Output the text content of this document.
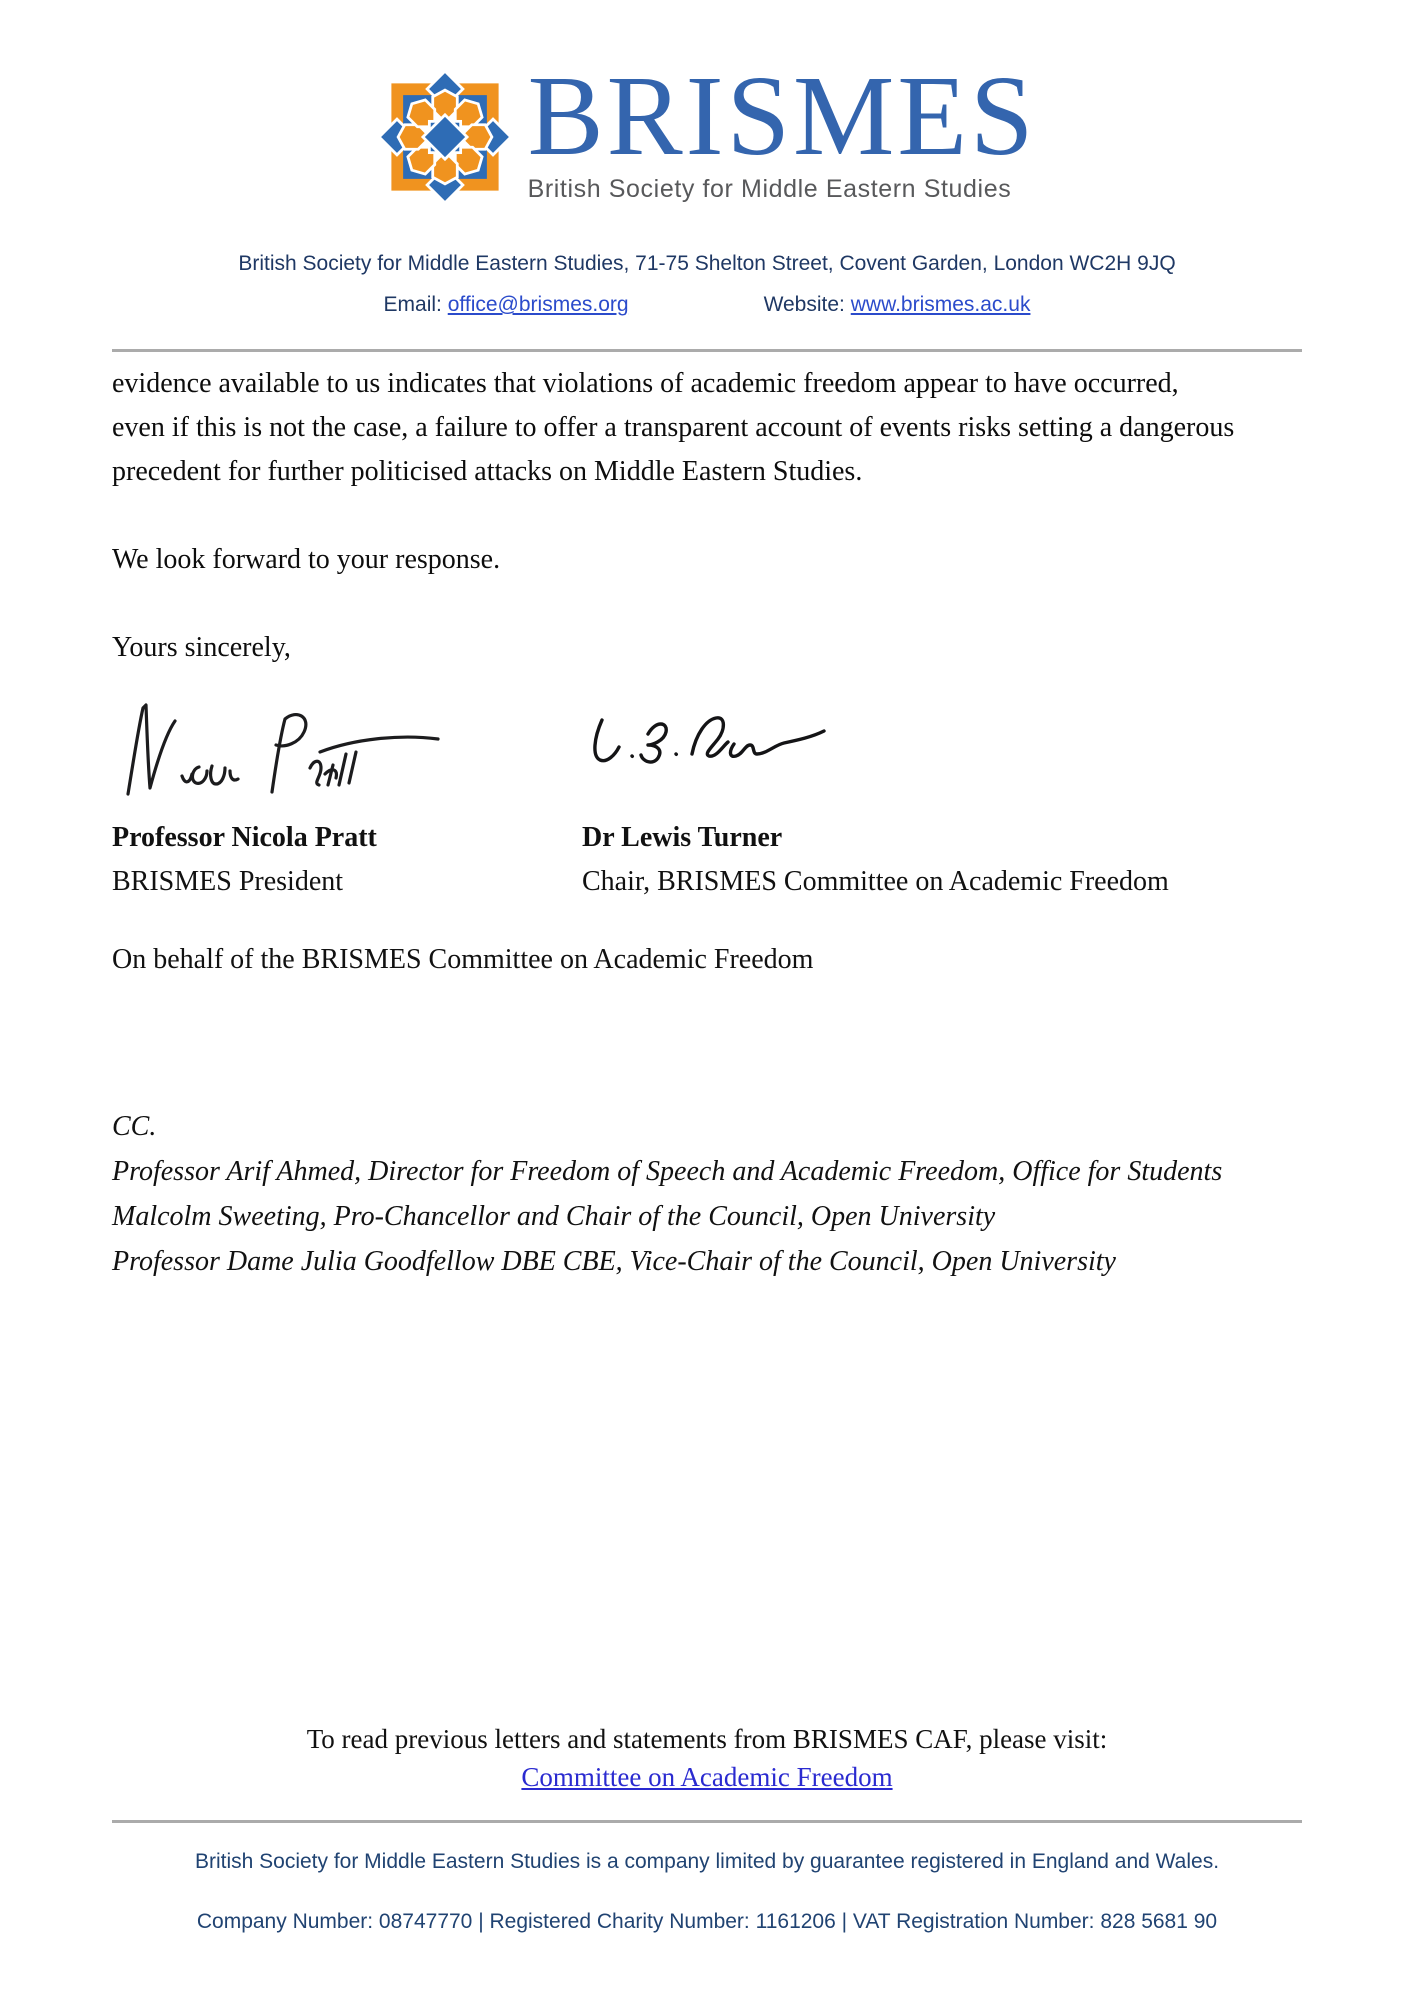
BRISMES
British Society for Middle Eastern Studies
British Society for Middle Eastern Studies, 71-75 Shelton Street, Covent Garden, London WC2H 9JQ
Email: office@brismes.org	Website: www.brismes.ac.uk

evidence available to us indicates that violations of academic freedom appear to have occurred,

even if this is not the case, a failure to offer a transparent account of events risks setting a dangerous

precedent for further politicised attacks on Middle Eastern Studies.

We look forward to your response.

Yours sincerely,

Professor Nicola Pratt
BRISMES President
Dr Lewis Turner
Chair, BRISMES Committee on Academic Freedom
On behalf of the BRISMES Committee on Academic Freedom
CC.
Professor Arif Ahmed, Director for Freedom of Speech and Academic Freedom, Office for Students
Malcolm Sweeting, Pro-Chancellor and Chair of the Council, Open University
Professor Dame Julia Goodfellow DBE CBE, Vice-Chair of the Council, Open University
To read previous letters and statements from BRISMES CAF, please visit:
Committee on Academic Freedom
British Society for Middle Eastern Studies is a company limited by guarantee registered in England and Wales.
Company Number: 08747770 | Registered Charity Number: 1161206 | VAT Registration Number: 828 5681 90
